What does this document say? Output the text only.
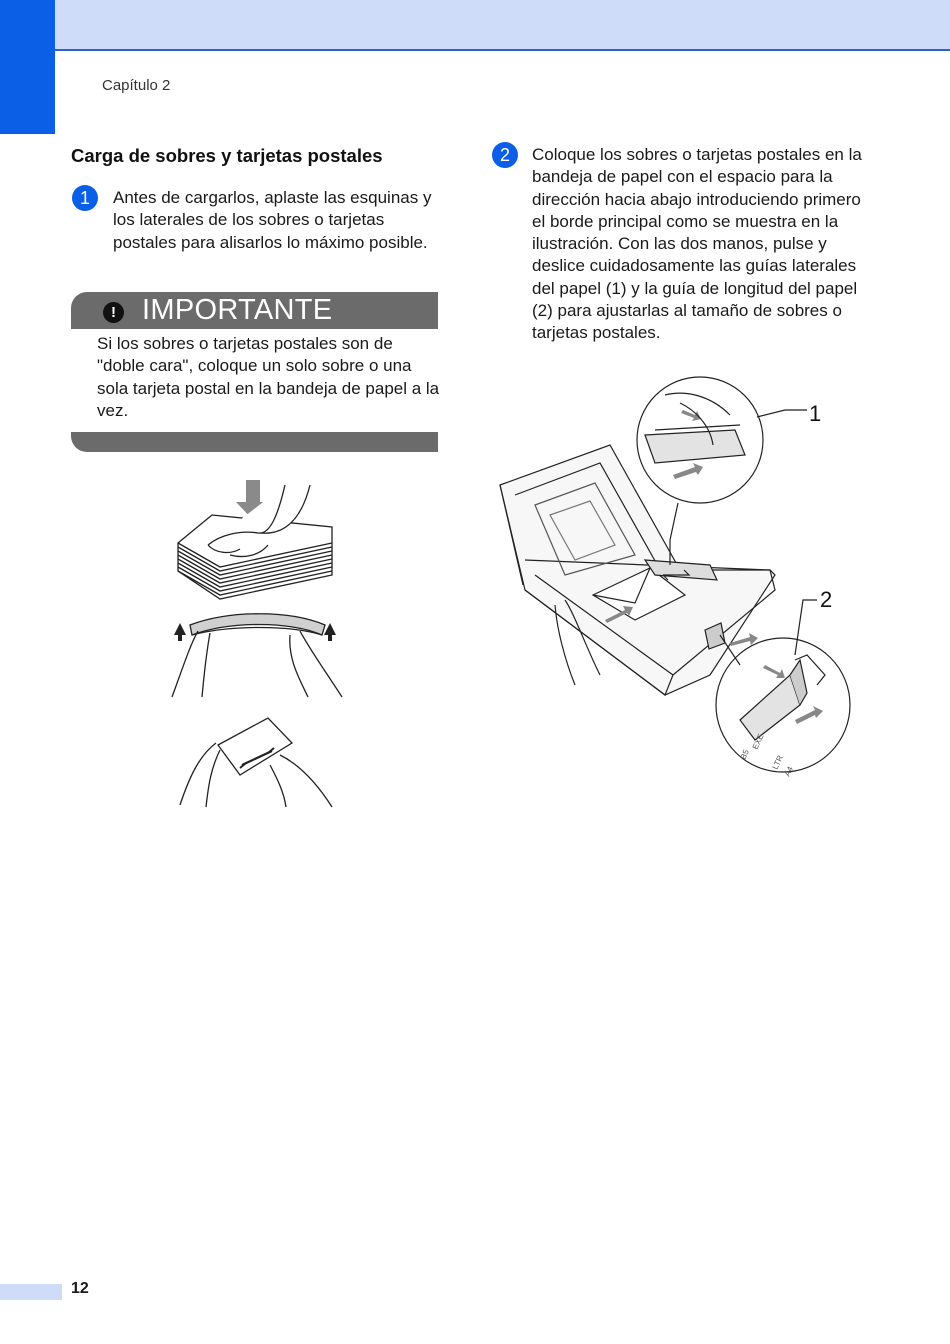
Capítulo 2
Carga de sobres y tarjetas postales
1	Antes de cargarlos, aplaste las esquinas y los laterales de los sobres o tarjetas postales para alisarlos lo máximo posible.
! IMPORTANTE
Si los sobres o tarjetas postales son de "doble cara", coloque un solo sobre o una sola tarjeta postal en la bandeja de papel a la vez.
2	Coloque los sobres o tarjetas postales en la bandeja de papel con el espacio para la dirección hacia abajo introduciendo primero el borde principal como se muestra en la ilustración. Con las dos manos, pulse y deslice cuidadosamente las guías laterales del papel (1) y la guía de longitud del papel (2) para ajustarlas al tamaño de sobres o tarjetas postales.
B5
EXE
LTR
A4
1
2
12
